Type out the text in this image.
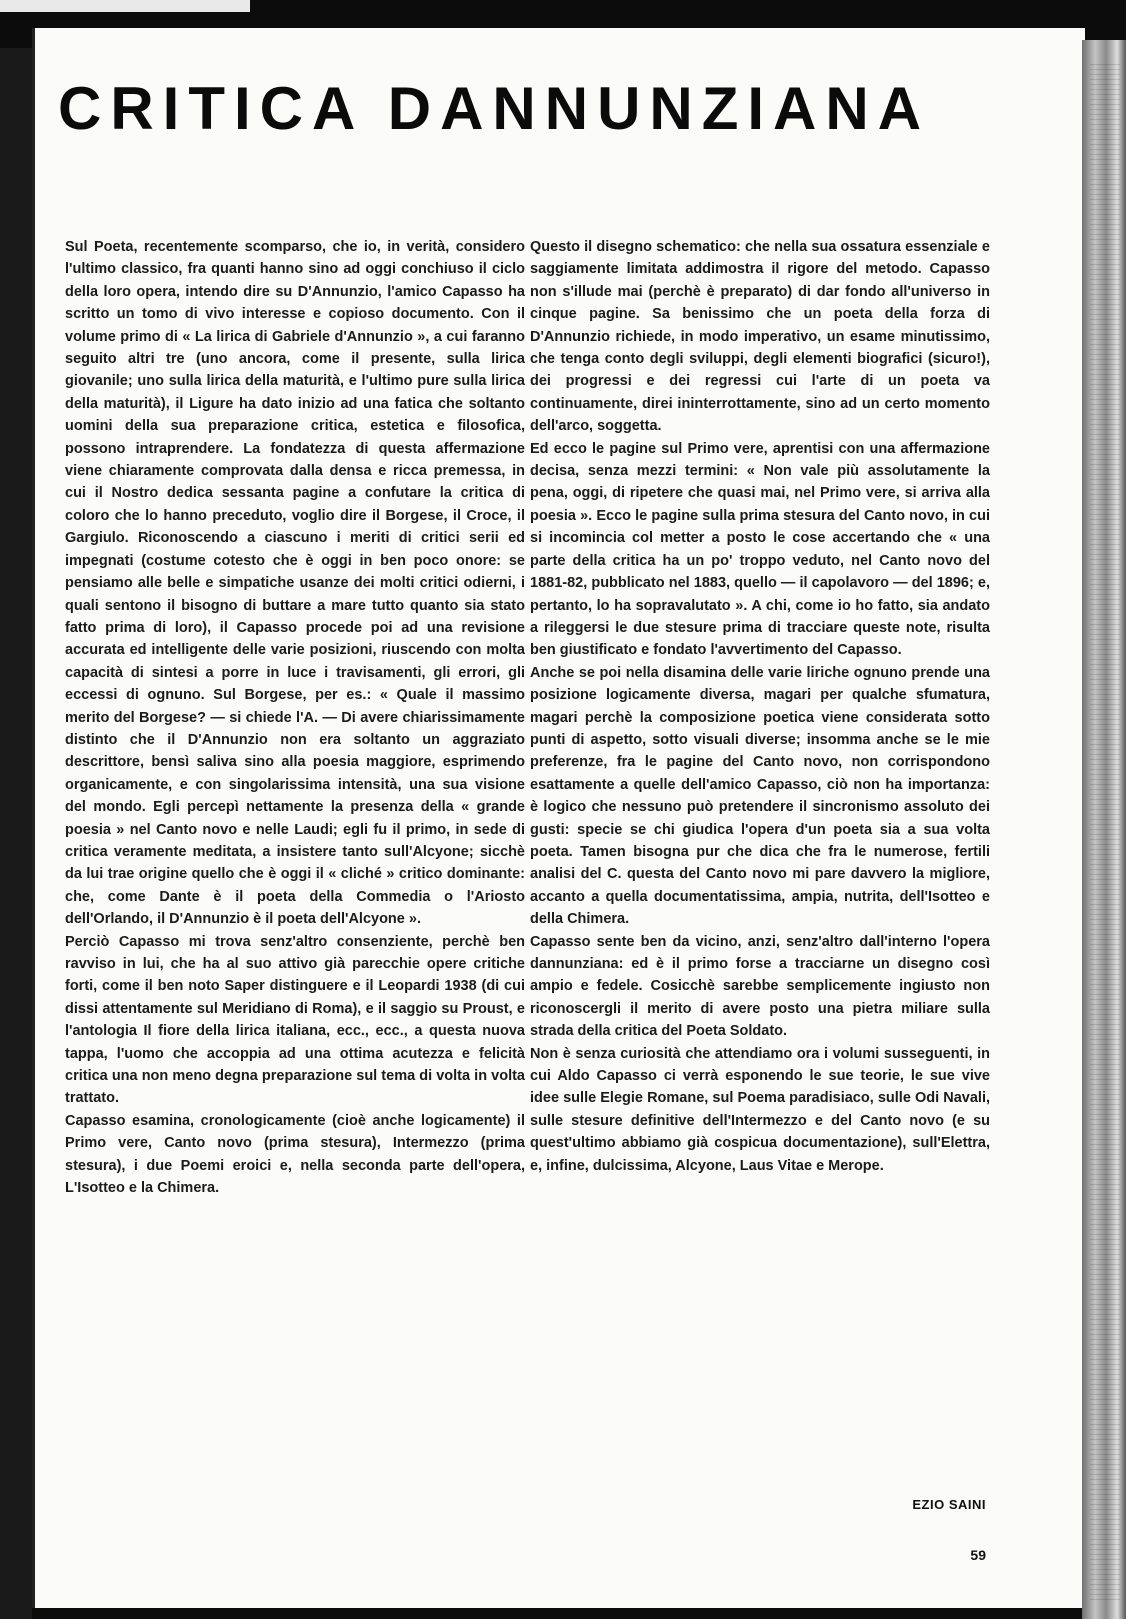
CRITICA DANNUNZIANA

Sul Poeta, recentemente scomparso, che io, in verità, considero l'ultimo classico, fra quanti hanno sino ad oggi conchiuso il ciclo della loro opera, intendo dire su D'Annunzio, l'amico Capasso ha scritto un tomo di vivo interesse e copioso documento. Con il volume primo di « La lirica di Gabriele d'Annunzio », a cui faranno seguito altri tre (uno ancora, come il presente, sulla lirica giovanile; uno sulla lirica della maturità, e l'ultimo pure sulla lirica della maturità), il Ligure ha dato inizio ad una fatica che soltanto uomini della sua preparazione critica, estetica e filosofica, possono intraprendere. La fondatezza di questa affermazione viene chiaramente comprovata dalla densa e ricca premessa, in cui il Nostro dedica sessanta pagine a confutare la critica di coloro che lo hanno preceduto, voglio dire il Borgese, il Croce, il Gargiulo. Riconoscendo a ciascuno i meriti di critici serii ed impegnati (costume cotesto che è oggi in ben poco onore: se pensiamo alle belle e simpatiche usanze dei molti critici odierni, i quali sentono il bisogno di buttare a mare tutto quanto sia stato fatto prima di loro), il Capasso procede poi ad una revisione accurata ed intelligente delle varie posizioni, riuscendo con molta capacità di sintesi a porre in luce i travisamenti, gli errori, gli eccessi di ognuno. Sul Borgese, per es.: « Quale il massimo merito del Borgese? — si chiede l'A. — Di avere chiarissimamente distinto che il D'Annunzio non era soltanto un aggraziato descrittore, bensì saliva sino alla poesia maggiore, esprimendo organicamente, e con singolarissima intensità, una sua visione del mondo. Egli percepì nettamente la presenza della « grande poesia » nel Canto novo e nelle Laudi; egli fu il primo, in sede di critica veramente meditata, a insistere tanto sull'Alcyone; sicchè da lui trae origine quello che è oggi il « cliché » critico dominante: che, come Dante è il poeta della Commedia o l'Ariosto dell'Orlando, il D'Annunzio è il poeta dell'Alcyone ».

Perciò Capasso mi trova senz'altro consenziente, perchè ben ravviso in lui, che ha al suo attivo già parecchie opere critiche forti, come il ben noto Saper distinguere e il Leopardi 1938 (di cui dissi attentamente sul Meridiano di Roma), e il saggio su Proust, e l'antologia Il fiore della lirica italiana, ecc., ecc., a questa nuova tappa, l'uomo che accoppia ad una ottima acutezza e felicità critica una non meno degna preparazione sul tema di volta in volta trattato.

Capasso esamina, cronologicamente (cioè anche logicamente) il Primo vere, Canto novo (prima stesura), Intermezzo (prima stesura), i due Poemi eroici e, nella seconda parte dell'opera, L'Isotteo e la Chimera.

Questo il disegno schematico: che nella sua ossatura essenziale e saggiamente limitata addimostra il rigore del metodo. Capasso non s'illude mai (perchè è preparato) di dar fondo all'universo in cinque pagine. Sa benissimo che un poeta della forza di D'Annunzio richiede, in modo imperativo, un esame minutissimo, che tenga conto degli sviluppi, degli elementi biografici (sicuro!), dei progressi e dei regressi cui l'arte di un poeta va continuamente, direi ininterrottamente, sino ad un certo momento dell'arco, soggetta.

Ed ecco le pagine sul Primo vere, aprentisi con una affermazione decisa, senza mezzi termini: « Non vale più assolutamente la pena, oggi, di ripetere che quasi mai, nel Primo vere, si arriva alla poesia ». Ecco le pagine sulla prima stesura del Canto novo, in cui si incomincia col metter a posto le cose accertando che « una parte della critica ha un po' troppo veduto, nel Canto novo del 1881-82, pubblicato nel 1883, quello — il capolavoro — del 1896; e, pertanto, lo ha sopravalutato ». A chi, come io ho fatto, sia andato a rileggersi le due stesure prima di tracciare queste note, risulta ben giustificato e fondato l'avvertimento del Capasso.

Anche se poi nella disamina delle varie liriche ognuno prende una posizione logicamente diversa, magari per qualche sfumatura, magari perchè la composizione poetica viene considerata sotto punti di aspetto, sotto visuali diverse; insomma anche se le mie preferenze, fra le pagine del Canto novo, non corrispondono esattamente a quelle dell'amico Capasso, ciò non ha importanza: è logico che nessuno può pretendere il sincronismo assoluto dei gusti: specie se chi giudica l'opera d'un poeta sia a sua volta poeta. Tamen bisogna pur che dica che fra le numerose, fertili analisi del C. questa del Canto novo mi pare davvero la migliore, accanto a quella documentatissima, ampia, nutrita, dell'Isotteo e della Chimera.

Capasso sente ben da vicino, anzi, senz'altro dall'interno l'opera dannunziana: ed è il primo forse a tracciarne un disegno così ampio e fedele. Cosicchè sarebbe semplicemente ingiusto non riconoscergli il merito di avere posto una pietra miliare sulla strada della critica del Poeta Soldato.

Non è senza curiosità che attendiamo ora i volumi susseguenti, in cui Aldo Capasso ci verrà esponendo le sue teorie, le sue vive idee sulle Elegie Romane, sul Poema paradisiaco, sulle Odi Navali, sulle stesure definitive dell'Intermezzo e del Canto novo (e su quest'ultimo abbiamo già cospicua documentazione), sull'Elettra, e, infine, dulcissima, Alcyone, Laus Vitae e Merope.

EZIO SAINI
59
